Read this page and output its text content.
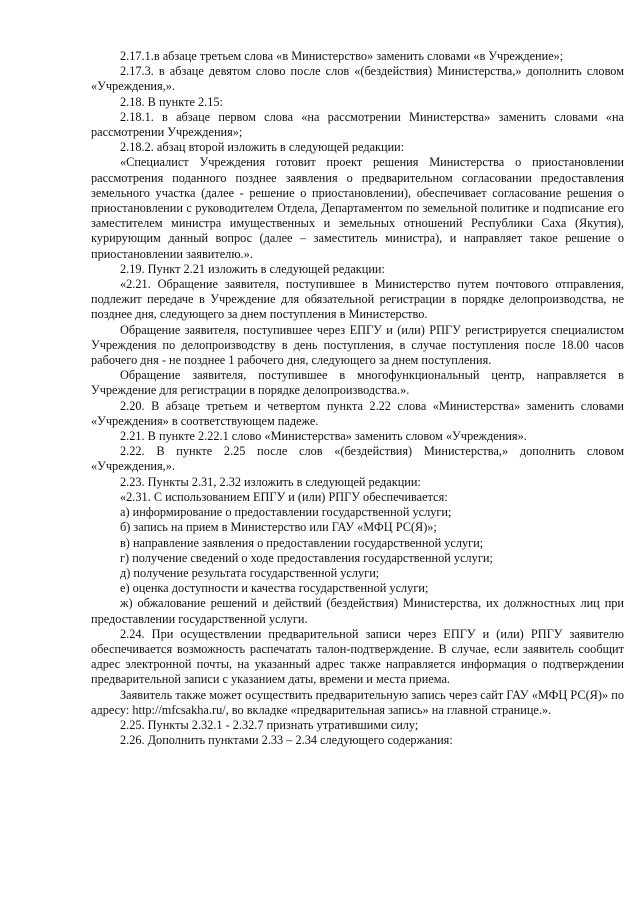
2.17.1.в абзаце третьем слова «в Министерство» заменить словами «в Учреждение»;

2.17.3. в абзаце девятом слово после слов «(бездействия) Министерства,» дополнить словом «Учреждения,».

2.18. В пункте 2.15:

2.18.1. в абзаце первом слова «на рассмотрении Министерства» заменить словами «на рассмотрении Учреждения»;

2.18.2. абзац второй изложить в следующей редакции:

«Специалист Учреждения готовит проект решения Министерства о приостановлении рассмотрения поданного позднее заявления о предварительном согласовании предоставления земельного участка (далее - решение о приостановлении), обеспечивает согласование решения о приостановлении с руководителем Отдела, Департаментом по земельной политике и подписание его заместителем министра имущественных и земельных отношений Республики Саха (Якутия), курирующим данный вопрос (далее – заместитель министра), и направляет такое решение о приостановлении заявителю.».

2.19. Пункт 2.21 изложить в следующей редакции:

«2.21. Обращение заявителя, поступившее в Министерство путем почтового отправления, подлежит передаче в Учреждение для обязательной регистрации в порядке делопроизводства, не позднее дня, следующего за днем поступления в Министерство.

Обращение заявителя, поступившее через ЕПГУ и (или) РПГУ регистрируется специалистом Учреждения по делопроизводству в день поступления, в случае поступления после 18.00 часов рабочего дня - не позднее 1 рабочего дня, следующего за днем поступления.

Обращение заявителя, поступившее в многофункциональный центр, направляется в Учреждение для регистрации в порядке делопроизводства.».

2.20. В абзаце третьем и четвертом пункта 2.22 слова «Министерства» заменить словами «Учреждения» в соответствующем падеже.

2.21. В пункте 2.22.1 слово «Министерства» заменить словом «Учреждения».

2.22. В пункте 2.25 после слов «(бездействия) Министерства,» дополнить словом «Учреждения,».

2.23. Пункты 2.31, 2.32 изложить в следующей редакции:

«2.31. С использованием ЕПГУ и (или) РПГУ обеспечивается:

а) информирование о предоставлении государственной услуги;

б) запись на прием в Министерство или ГАУ «МФЦ РС(Я)»;

в) направление заявления о предоставлении государственной услуги;

г) получение сведений о ходе предоставления государственной услуги;

д) получение результата государственной услуги;

е) оценка доступности и качества государственной услуги;

ж) обжалование решений и действий (бездействия) Министерства, их должностных лиц при предоставлении государственной услуги.

2.24. При осуществлении предварительной записи через ЕПГУ и (или) РПГУ заявителю обеспечивается возможность распечатать талон-подтверждение. В случае, если заявитель сообщит адрес электронной почты, на указанный адрес также направляется информация о подтверждении предварительной записи с указанием даты, времени и места приема.

Заявитель также может осуществить предварительную запись через сайт ГАУ «МФЦ РС(Я)» по адресу: http://mfcsakha.ru/, во вкладке «предварительная запись» на главной странице.».

2.25. Пункты 2.32.1 - 2.32.7 признать утратившими силу;

2.26. Дополнить пунктами 2.33 – 2.34 следующего содержания:
